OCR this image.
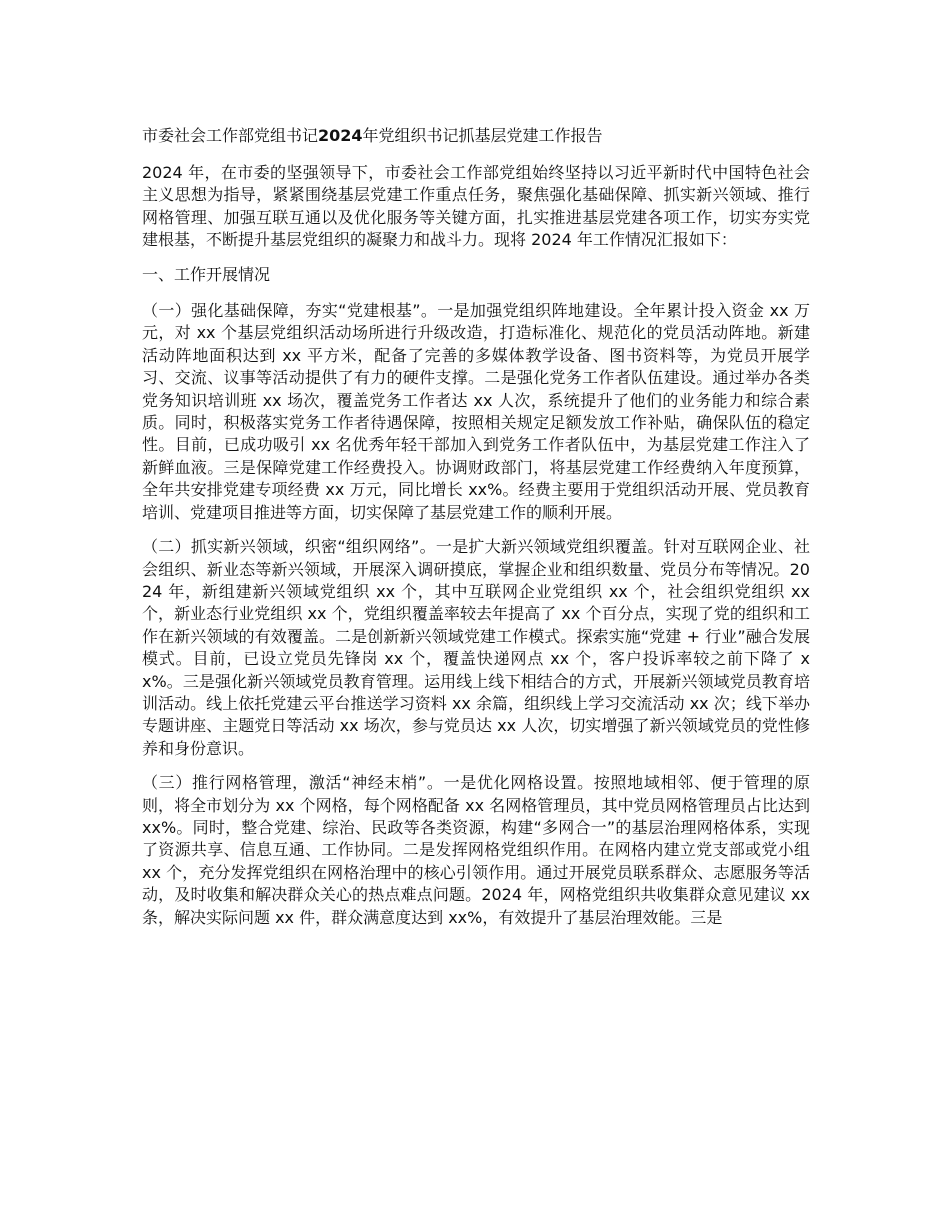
市委社会工作部党组书记2024年党组织书记抓基层党建工作报告

2024 年，在市委的坚强领导下，市委社会工作部党组始终坚持以习近平新时代中国特色社会主义思想为指导，紧紧围绕基层党建工作重点任务，聚焦强化基础保障、抓实新兴领域、推行网格管理、加强互联互通以及优化服务等关键方面，扎实推进基层党建各项工作，切实夯实党建根基，不断提升基层党组织的凝聚力和战斗力。现将 2024 年工作情况汇报如下：

一、工作开展情况

（一）强化基础保障，夯实“党建根基”。一是加强党组织阵地建设。全年累计投入资金 xx 万元，对 xx 个基层党组织活动场所进行升级改造，打造标准化、规范化的党员活动阵地。新建活动阵地面积达到 xx 平方米，配备了完善的多媒体教学设备、图书资料等，为党员开展学习、交流、议事等活动提供了有力的硬件支撑。二是强化党务工作者队伍建设。通过举办各类党务知识培训班 xx 场次，覆盖党务工作者达 xx 人次，系统提升了他们的业务能力和综合素质。同时，积极落实党务工作者待遇保障，按照相关规定足额发放工作补贴，确保队伍的稳定性。目前，已成功吸引 xx 名优秀年轻干部加入到党务工作者队伍中，为基层党建工作注入了新鲜血液。三是保障党建工作经费投入。协调财政部门，将基层党建工作经费纳入年度预算，全年共安排党建专项经费 xx 万元，同比增长 xx%。经费主要用于党组织活动开展、党员教育培训、党建项目推进等方面，切实保障了基层党建工作的顺利开展。

（二）抓实新兴领域，织密“组织网络”。一是扩大新兴领域党组织覆盖。针对互联网企业、社会组织、新业态等新兴领域，开展深入调研摸底，掌握企业和组织数量、党员分布等情况。2024 年，新组建新兴领域党组织 xx 个，其中互联网企业党组织 xx 个，社会组织党组织 xx 个，新业态行业党组织 xx 个，党组织覆盖率较去年提高了 xx 个百分点，实现了党的组织和工作在新兴领域的有效覆盖。二是创新新兴领域党建工作模式。探索实施“党建 + 行业”融合发展模式。目前，已设立党员先锋岗 xx 个，覆盖快递网点 xx 个，客户投诉率较之前下降了 xx%。三是强化新兴领域党员教育管理。运用线上线下相结合的方式，开展新兴领域党员教育培训活动。线上依托党建云平台推送学习资料 xx 余篇，组织线上学习交流活动 xx 次；线下举办专题讲座、主题党日等活动 xx 场次，参与党员达 xx 人次，切实增强了新兴领域党员的党性修养和身份意识。

（三）推行网格管理，激活“神经末梢”。一是优化网格设置。按照地域相邻、便于管理的原则，将全市划分为 xx 个网格，每个网格配备 xx 名网格管理员，其中党员网格管理员占比达到 xx%。同时，整合党建、综治、民政等各类资源，构建“多网合一”的基层治理网格体系，实现了资源共享、信息互通、工作协同。二是发挥网格党组织作用。在网格内建立党支部或党小组 xx 个，充分发挥党组织在网格治理中的核心引领作用。通过开展党员联系群众、志愿服务等活动，及时收集和解决群众关心的热点难点问题。2024 年，网格党组织共收集群众意见建议 xx 条，解决实际问题 xx 件，群众满意度达到 xx%，有效提升了基层治理效能。三是
